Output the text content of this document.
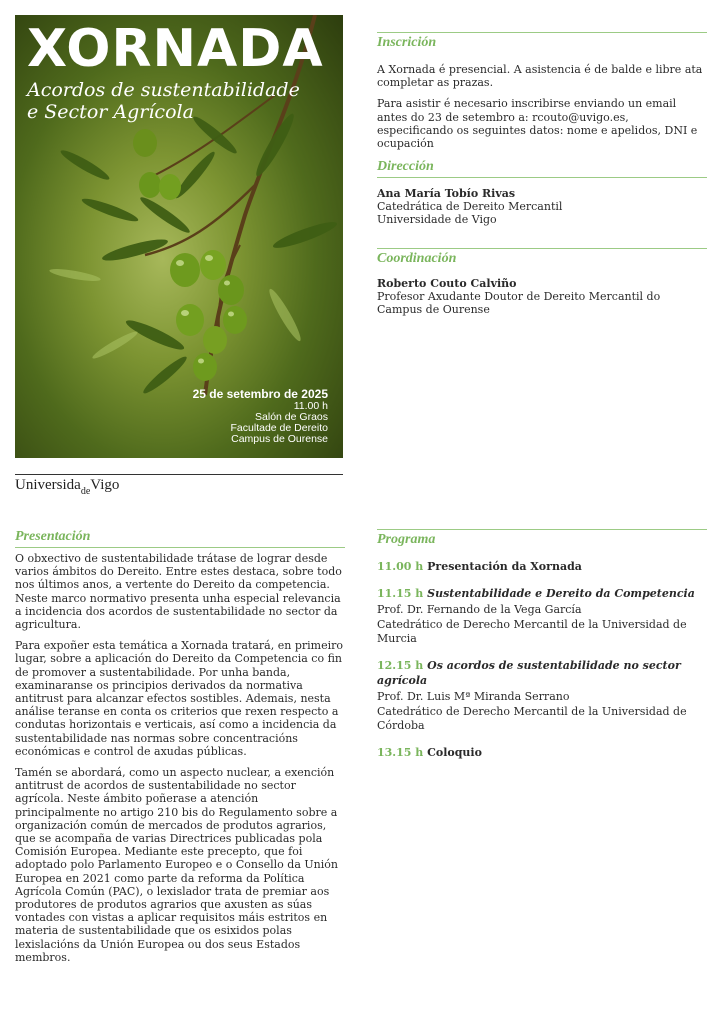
XORNADA
Acordos de sustentabilidade
e Sector Agrícola
25 de setembro de 2025
11.00 h
Salón de Graos
Facultade de Dereito
Campus de Ourense
Universida$_{de}$Vigo
Inscrición

A Xornada é presencial. A asistencia é de balde e libre ata completar as prazas.

Para asistir é necesario inscribirse enviando un email antes do 23 de setembro a: rcouto@uvigo.es, especificando os seguintes datos: nome e apelidos, DNI e ocupación

Dirección

Ana María Tobío Rivas

Catedrática de Dereito Mercantil

Universidade de Vigo

Coordinación

Roberto Couto Calviño

Profesor Axudante Doutor de Dereito Mercantil do Campus de Ourense

Presentación

O obxectivo de sustentabilidade trátase de lograr desde varios ámbitos do Dereito. Entre estes destaca, sobre todo nos últimos anos, a vertente do Dereito da competencia. Neste marco normativo presenta unha especial relevancia a incidencia dos acordos de sustentabilidade no sector da agricultura.

Para expoñer esta temática a Xornada tratará, en primeiro lugar, sobre a aplicación do Dereito da Competencia co fin de promover a sustentabilidade. Por unha banda, examinaranse os principios derivados da normativa antitrust para alcanzar efectos sostibles. Ademais, nesta análise teranse en conta os criterios que rexen respecto a condutas horizontais e verticais, así como a incidencia da sustentabilidade nas normas sobre concentracións económicas e control de axudas públicas.

Tamén se abordará, como un aspecto nuclear, a exención antitrust de acordos de sustentabilidade no sector agrícola. Neste ámbito poñerase a atención principalmente no artigo 210 bis do Regulamento sobre a organización común de mercados de produtos agrarios, que se acompaña de varias Directrices publicadas pola Comisión Europea. Mediante este precepto, que foi adoptado polo Parlamento Europeo e o Consello da Unión Europea en 2021 como parte da reforma da Política Agrícola Común (PAC), o lexislador trata de premiar aos produtores de produtos agrarios que axusten as súas vontades con vistas a aplicar requisitos máis estritos en materia de sustentabilidade que os esixidos polas lexislacións da Unión Europea ou dos seus Estados membros.

Programa
11.00 h Presentación da Xornada
11.15 h Sustentabilidade e Dereito da Competencia
Prof. Dr. Fernando de la Vega García
Catedrático de Derecho Mercantil de la Universidad de Murcia
12.15 h Os acordos de sustentabilidade no sector agrícola
Prof. Dr. Luis Mª Miranda Serrano
Catedrático de Derecho Mercantil de la Universidad de Córdoba
13.15 h Coloquio
